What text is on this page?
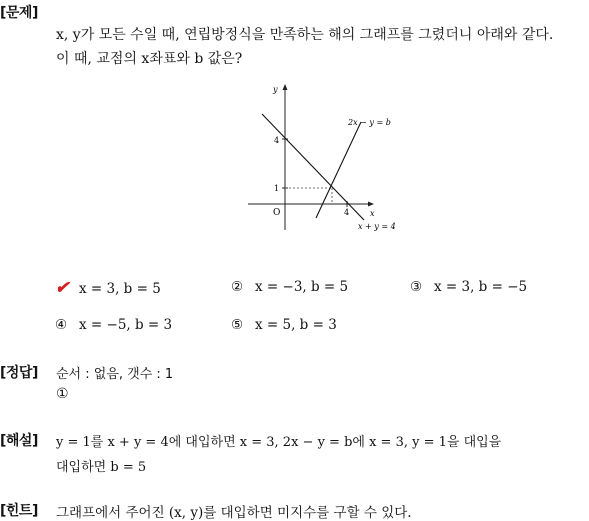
[문제]
x, y가 모든 수일 때, 연립방정식을 만족하는 해의 그래프를 그렸더니 아래와 같다.
이 때, 교점의 x좌표와 b 값은?
y
x
O
4
1
4
2x − y = b
x + y = 4
✔ x = 3, b = 5	② x = −3, b = 5	③ x = 3, b = −5
④ x = −5, b = 3	⑤ x = 5, b = 3
[정답] 순서 : 없음, 갯수 : 1
①
[해설] y = 1를 x + y = 4에 대입하면 x = 3, 2x − y = b에 x = 3, y = 1을 대입을
대입하면 b = 5
[힌트] 그래프에서 주어진 (x, y)를 대입하면 미지수를 구할 수 있다.
